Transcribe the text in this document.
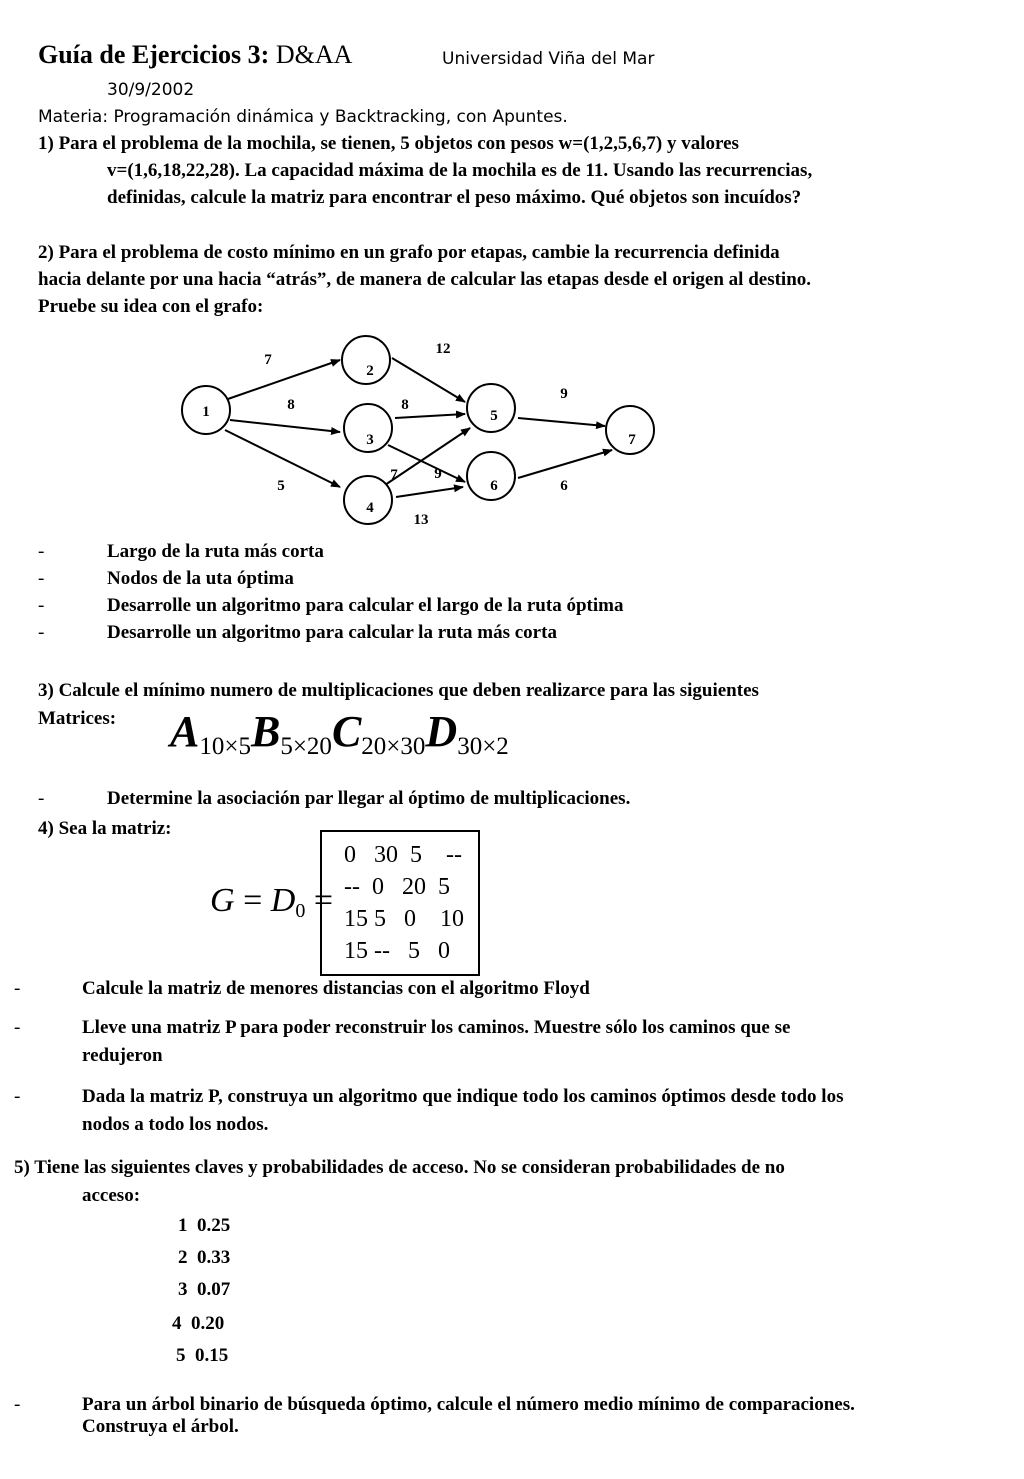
Guía de Ejercicios 3: D&AA	Universidad Viña del Mar
30/9/2002
Materia: Programación dinámica y Backtracking, con Apuntes.
1) Para el problema de la mochila, se tienen, 5 objetos con pesos w=(1,2,5,6,7) y valores
v=(1,6,18,22,28). La capacidad máxima de la mochila es de 11. Usando las recurrencias,
definidas, calcule la matriz para encontrar el peso máximo. Qué objetos son incuídos?
2) Para el problema de costo mínimo en un grafo por etapas, cambie la recurrencia definida
hacia delante por una hacia “atrás”, de manera de calcular las etapas desde el origen al destino.
Pruebe su idea con el grafo:
1
2
3
4
5
6
7
7
8
5
12
8
7 9
13
9
6
-	Largo de la ruta más corta
-	Nodos de la uta óptima
-	Desarrolle un algoritmo para calcular el largo de la ruta óptima
-	Desarrolle un algoritmo para calcular la ruta más corta
3) Calcule el mínimo numero de multiplicaciones que deben realizarce para las siguientes
Matrices: A10×5B5×20C20×30D30×2
-	Determine la asociación par llegar al óptimo de multiplicaciones.
4) Sea la matriz:
G = D0 =
0   30  5    --
--  0   20  5
15 5   0    10
15 --   5   0
-	Calcule la matriz de menores distancias con el algoritmo Floyd
-	Lleve una matriz P para poder reconstruir los caminos. Muestre sólo los caminos que se
redujeron
-	Dada la matriz P, construya un algoritmo que indique todo los caminos óptimos desde todo los
nodos a todo los nodos.
5) Tiene las siguientes claves y probabilidades de acceso. No se consideran probabilidades de no
acceso:
1 0.25
2 0.33
3 0.07
4 0.20
5 0.15
-	Para un árbol binario de búsqueda óptimo, calcule el número medio mínimo de comparaciones.
Construya el árbol.
